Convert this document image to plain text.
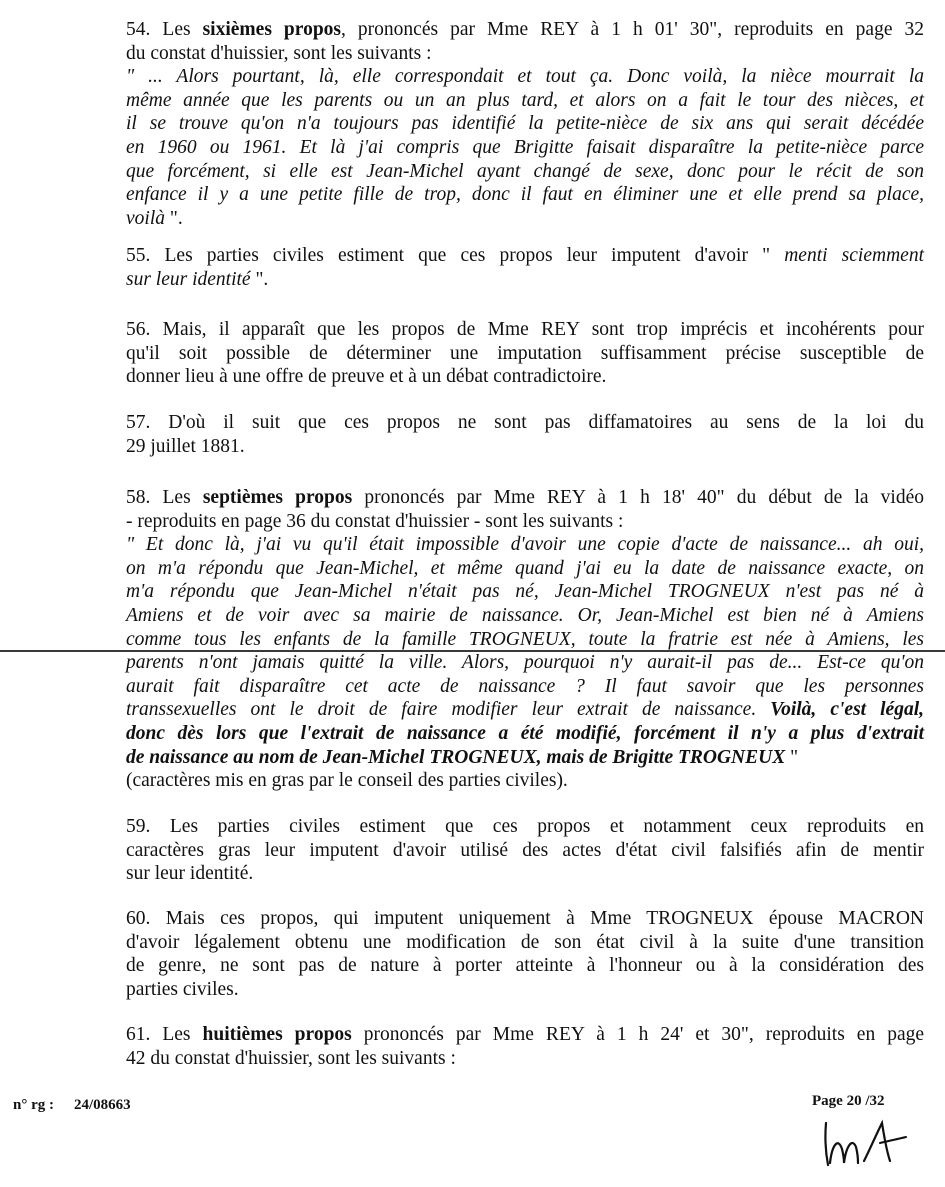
54. Les sixièmes propos, prononcés par Mme REY à 1 h 01' 30", reproduits en page 32
du constat d'huissier, sont les suivants :
" ... Alors pourtant, là, elle correspondait et tout ça. Donc voilà, la nièce mourrait la
même année que les parents ou un an plus tard, et alors on a fait le tour des nièces, et
il se trouve qu'on n'a toujours pas identifié la petite-nièce de six ans qui serait décédée
en 1960 ou 1961. Et là j'ai compris que Brigitte faisait disparaître la petite-nièce parce
que forcément, si elle est Jean-Michel ayant changé de sexe, donc pour le récit de son
enfance il y a une petite fille de trop, donc il faut en éliminer une et elle prend sa place,
voilà ".
55. Les parties civiles estiment que ces propos leur imputent d'avoir " menti sciemment
sur leur identité ".
56. Mais, il apparaît que les propos de Mme REY sont trop imprécis et incohérents pour
qu'il soit possible de déterminer une imputation suffisamment précise susceptible de
donner lieu à une offre de preuve et à un débat contradictoire.
57. D'où il suit que ces propos ne sont pas diffamatoires au sens de la loi du
29 juillet 1881.
58. Les septièmes propos prononcés par Mme REY à 1 h 18' 40" du début de la vidéo
- reproduits en page 36 du constat d'huissier - sont les suivants :
" Et donc là, j'ai vu qu'il était impossible d'avoir une copie d'acte de naissance... ah oui,
on m'a répondu que Jean-Michel, et même quand j'ai eu la date de naissance exacte, on
m'a répondu que Jean-Michel n'était pas né, Jean-Michel TROGNEUX n'est pas né à
Amiens et de voir avec sa mairie de naissance. Or, Jean-Michel est bien né à Amiens
comme tous les enfants de la famille TROGNEUX, toute la fratrie est née à Amiens, les
parents n'ont jamais quitté la ville. Alors, pourquoi n'y aurait-il pas de... Est-ce qu'on
aurait fait disparaître cet acte de naissance ? Il faut savoir que les personnes
transsexuelles ont le droit de faire modifier leur extrait de naissance. Voilà, c'est légal,
donc dès lors que l'extrait de naissance a été modifié, forcément il n'y a plus d'extrait
de naissance au nom de Jean-Michel TROGNEUX, mais de Brigitte TROGNEUX "
(caractères mis en gras par le conseil des parties civiles).
59. Les parties civiles estiment que ces propos et notamment ceux reproduits en
caractères gras leur imputent d'avoir utilisé des actes d'état civil falsifiés afin de mentir
sur leur identité.
60. Mais ces propos, qui imputent uniquement à Mme TROGNEUX épouse MACRON
d'avoir légalement obtenu une modification de son état civil à la suite d'une transition
de genre, ne sont pas de nature à porter atteinte à l'honneur ou à la considération des
parties civiles.
61. Les huitièmes propos prononcés par Mme REY à 1 h 24' et 30", reproduits en page
42 du constat d'huissier, sont les suivants :
n° rg : 24/08663	Page 20 /32
